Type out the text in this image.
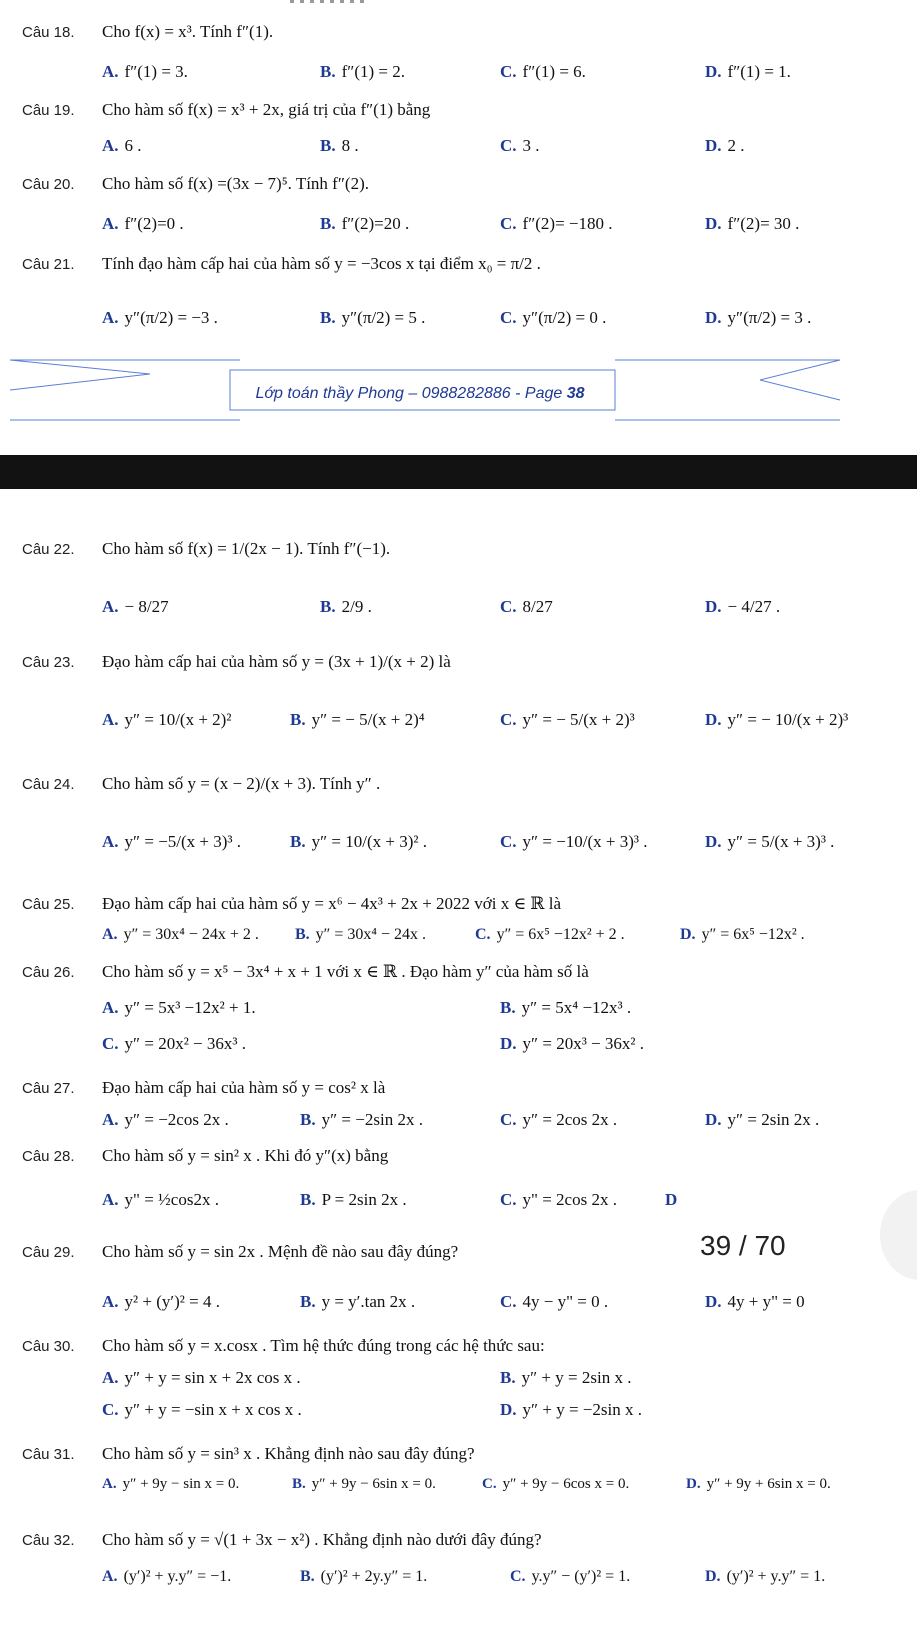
Câu 18. Cho f(x) = x³. Tính f″(1).
A. f″(1) = 3.	B. f″(1) = 2.	C. f″(1) = 6.	D. f″(1) = 1.
Câu 19. Cho hàm số f(x) = x³ + 2x, giá trị của f″(1) bằng
A. 6 .	B. 8 .	C. 3 .	D. 2 .
Câu 20. Cho hàm số f(x) =(3x − 7)⁵. Tính f″(2).
A. f″(2)=0 .	B. f″(2)=20 .	C. f″(2)= −180 .	D. f″(2)= 30 .
Câu 21. Tính đạo hàm cấp hai của hàm số y = −3cos x tại điểm x₀ = π/2 .
A. y″(π/2) = −3 .	B. y″(π/2) = 5 .	C. y″(π/2) = 0 .	D. y″(π/2) = 3 .
Lớp toán thầy Phong – 0988282886 - Page 38
Câu 22. Cho hàm số f(x) = 1/(2x − 1). Tính f″(−1).
A. − 8/27	B. 2/9 .	C. 8/27	D. − 4/27 .
Câu 23. Đạo hàm cấp hai của hàm số y = (3x + 1)/(x + 2) là
A. y″ = 10/(x + 2)²	B. y″ = − 5/(x + 2)⁴	C. y″ = − 5/(x + 2)³	D. y″ = − 10/(x + 2)³
Câu 24. Cho hàm số y = (x − 2)/(x + 3). Tính y″ .
A. y″ = −5/(x + 3)³ .	B. y″ = 10/(x + 3)² .	C. y″ = −10/(x + 3)³ .	D. y″ = 5/(x + 3)³ .
Câu 25. Đạo hàm cấp hai của hàm số y = x⁶ − 4x³ + 2x + 2022 với x ∈ ℝ là
A. y″ = 30x⁴ − 24x + 2 . B. y″ = 30x⁴ − 24x .	C. y″ = 6x⁵ −12x² + 2 .	D. y″ = 6x⁵ −12x² .
Câu 26. Cho hàm số y = x⁵ − 3x⁴ + x + 1 với x ∈ ℝ . Đạo hàm y″ của hàm số là
A. y″ = 5x³ −12x² + 1.	B. y″ = 5x⁴ −12x³ .
C. y″ = 20x² − 36x³ .	D. y″ = 20x³ − 36x² .
Câu 27. Đạo hàm cấp hai của hàm số y = cos² x là
A. y″ = −2cos 2x .	B. y″ = −2sin 2x .	C. y″ = 2cos 2x .	D. y″ = 2sin 2x .
Câu 28. Cho hàm số y = sin² x . Khi đó y″(x) bằng
A. y" = ½cos2x .	B. P = 2sin 2x .	C. y" = 2cos 2x .	D
39 / 70
Câu 29. Cho hàm số y = sin 2x . Mệnh đề nào sau đây đúng?
A. y² + (y′)² = 4 .	B. y = y′.tan 2x .	C. 4y − y" = 0 .	D. 4y + y" = 0
Câu 30. Cho hàm số y = x.cosx . Tìm hệ thức đúng trong các hệ thức sau:
A. y″ + y = sin x + 2x cos x .	B. y″ + y = 2sin x .
C. y″ + y = −sin x + x cos x .	D. y″ + y = −2sin x .
Câu 31. Cho hàm số y = sin³ x . Khẳng định nào sau đây đúng?
A. y″ + 9y − sin x = 0.	B. y″ + 9y − 6sin x = 0.	C. y″ + 9y − 6cos x = 0.	D. y″ + 9y + 6sin x = 0.
Câu 32. Cho hàm số y = √(1 + 3x − x²) . Khẳng định nào dưới đây đúng?
A. (y′)² + y.y″ = −1.	B. (y′)² + 2y.y″ = 1.	C. y.y″ − (y′)² = 1.	D. (y′)² + y.y″ = 1.
